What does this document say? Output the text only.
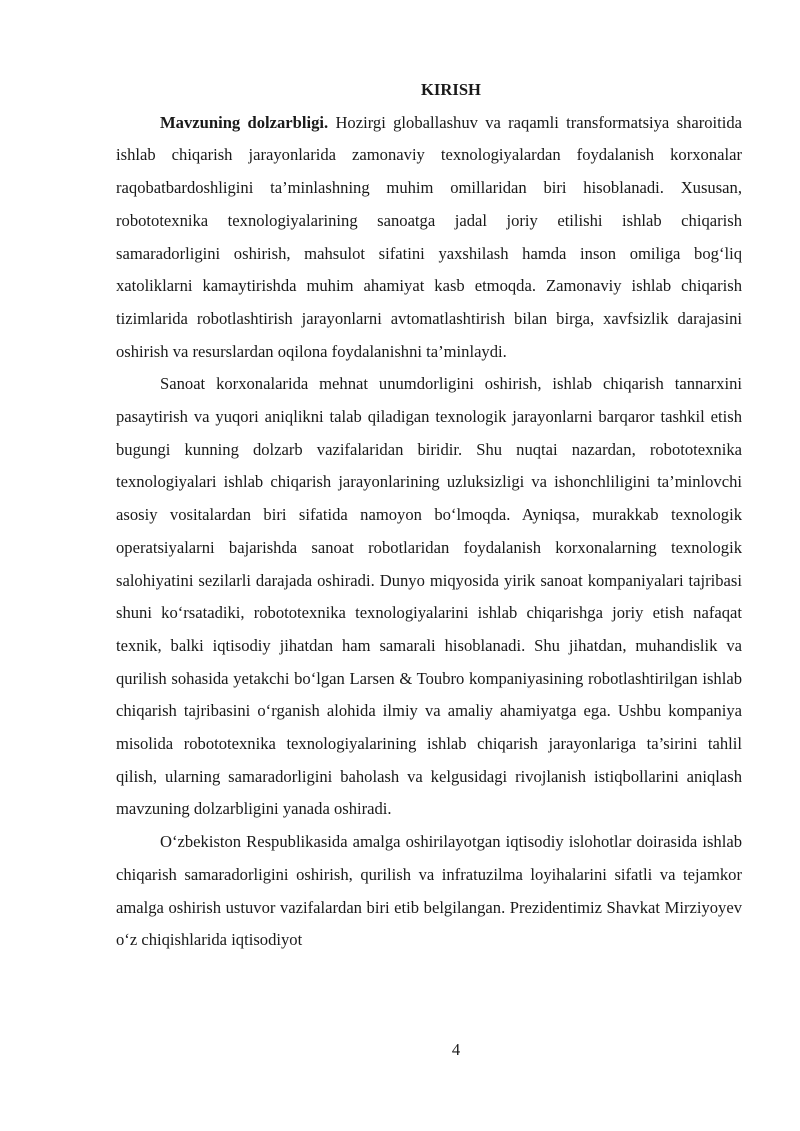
KIRISH

Mavzuning dolzarbligi. Hozirgi globallashuv va raqamli transformatsiya sharoitida ishlab chiqarish jarayonlarida zamonaviy texnologiyalardan foydalanish korxonalar raqobatbardoshligini ta’minlashning muhim omillaridan biri hisoblanadi. Xususan, robototexnika texnologiyalarining sanoatga jadal joriy etilishi ishlab chiqarish samaradorligini oshirish, mahsulot sifatini yaxshilash hamda inson omiliga bog‘liq xatoliklarni kamaytirishda muhim ahamiyat kasb etmoqda. Zamonaviy ishlab chiqarish tizimlarida robotlashtirish jarayonlarni avtomatlashtirish bilan birga, xavfsizlik darajasini oshirish va resurslardan oqilona foydalanishni ta’minlaydi.

Sanoat korxonalarida mehnat unumdorligini oshirish, ishlab chiqarish tannarxini pasaytirish va yuqori aniqlikni talab qiladigan texnologik jarayonlarni barqaror tashkil etish bugungi kunning dolzarb vazifalaridan biridir. Shu nuqtai nazardan, robototexnika texnologiyalari ishlab chiqarish jarayonlarining uzluksizligi va ishonchliligini ta’minlovchi asosiy vositalardan biri sifatida namoyon bo‘lmoqda. Ayniqsa, murakkab texnologik operatsiyalarni bajarishda sanoat robotlaridan foydalanish korxonalarning texnologik salohiyatini sezilarli darajada oshiradi. Dunyo miqyosida yirik sanoat kompaniyalari tajribasi shuni ko‘rsatadiki, robototexnika texnologiyalarini ishlab chiqarishga joriy etish nafaqat texnik, balki iqtisodiy jihatdan ham samarali hisoblanadi. Shu jihatdan, muhandislik va qurilish sohasida yetakchi bo‘lgan Larsen & Toubro kompaniyasining robotlashtirilgan ishlab chiqarish tajribasini o‘rganish alohida ilmiy va amaliy ahamiyatga ega. Ushbu kompaniya misolida robototexnika texnologiyalarining ishlab chiqarish jarayonlariga ta’sirini tahlil qilish, ularning samaradorligini baholash va kelgusidagi rivojlanish istiqbollarini aniqlash mavzuning dolzarbligini yanada oshiradi.

O‘zbekiston Respublikasida amalga oshirilayotgan iqtisodiy islohotlar doirasida ishlab chiqarish samaradorligini oshirish, qurilish va infratuzilma loyihalarini sifatli va tejamkor amalga oshirish ustuvor vazifalardan biri etib belgilangan. Prezidentimiz Shavkat Mirziyoyev o‘z chiqishlarida iqtisodiyot

4
